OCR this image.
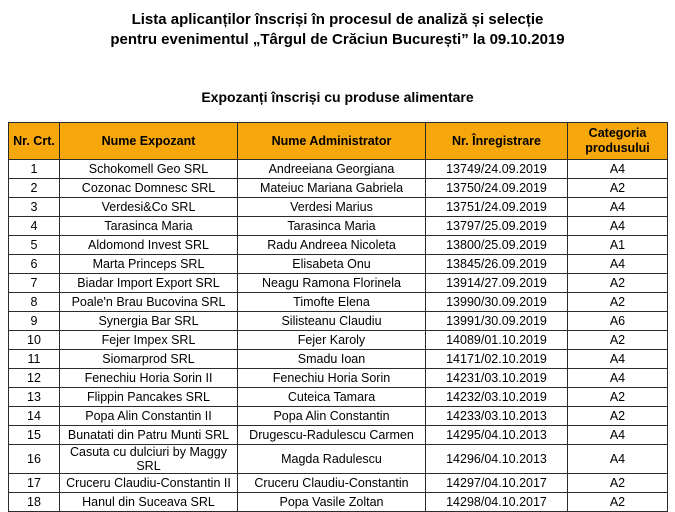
Lista aplicanților înscriși în procesul de analiză și selecție
pentru evenimentul „Târgul de Crăciun București” la 09.10.2019
Expozanți înscriși cu produse alimentare
Nr. Crt.	Nume Expozant	Nume Administrator	Nr. Înregistrare	Categoria produsului
1	Schokomell Geo SRL	Andreeiana Georgiana	13749/24.09.2019	A4
2	Cozonac Domnesc SRL	Mateiuc Mariana Gabriela	13750/24.09.2019	A2
3	Verdesi&Co SRL	Verdesi Marius	13751/24.09.2019	A4
4	Tarasinca Maria	Tarasinca Maria	13797/25.09.2019	A4
5	Aldomond Invest SRL	Radu Andreea Nicoleta	13800/25.09.2019	A1
6	Marta Princeps SRL	Elisabeta Onu	13845/26.09.2019	A4
7	Biadar Import Export SRL	Neagu Ramona Florinela	13914/27.09.2019	A2
8	Poale'n Brau Bucovina SRL	Timofte Elena	13990/30.09.2019	A2
9	Synergia Bar SRL	Silisteanu Claudiu	13991/30.09.2019	A6
10	Fejer Impex SRL	Fejer Karoly	14089/01.10.2019	A2
11	Siomarprod SRL	Smadu Ioan	14171/02.10.2019	A4
12	Fenechiu Horia Sorin II	Fenechiu Horia Sorin	14231/03.10.2019	A4
13	Flippin Pancakes SRL	Cuteica Tamara	14232/03.10.2019	A2
14	Popa Alin Constantin II	Popa Alin Constantin	14233/03.10.2013	A2
15	Bunatati din Patru Munti SRL	Drugescu-Radulescu Carmen	14295/04.10.2013	A4
16	Casuta cu dulciuri by Maggy SRL	Magda Radulescu	14296/04.10.2013	A4
17	Cruceru Claudiu-Constantin II	Cruceru Claudiu-Constantin	14297/04.10.2017	A2
18	Hanul din Suceava SRL	Popa Vasile Zoltan	14298/04.10.2017	A2
